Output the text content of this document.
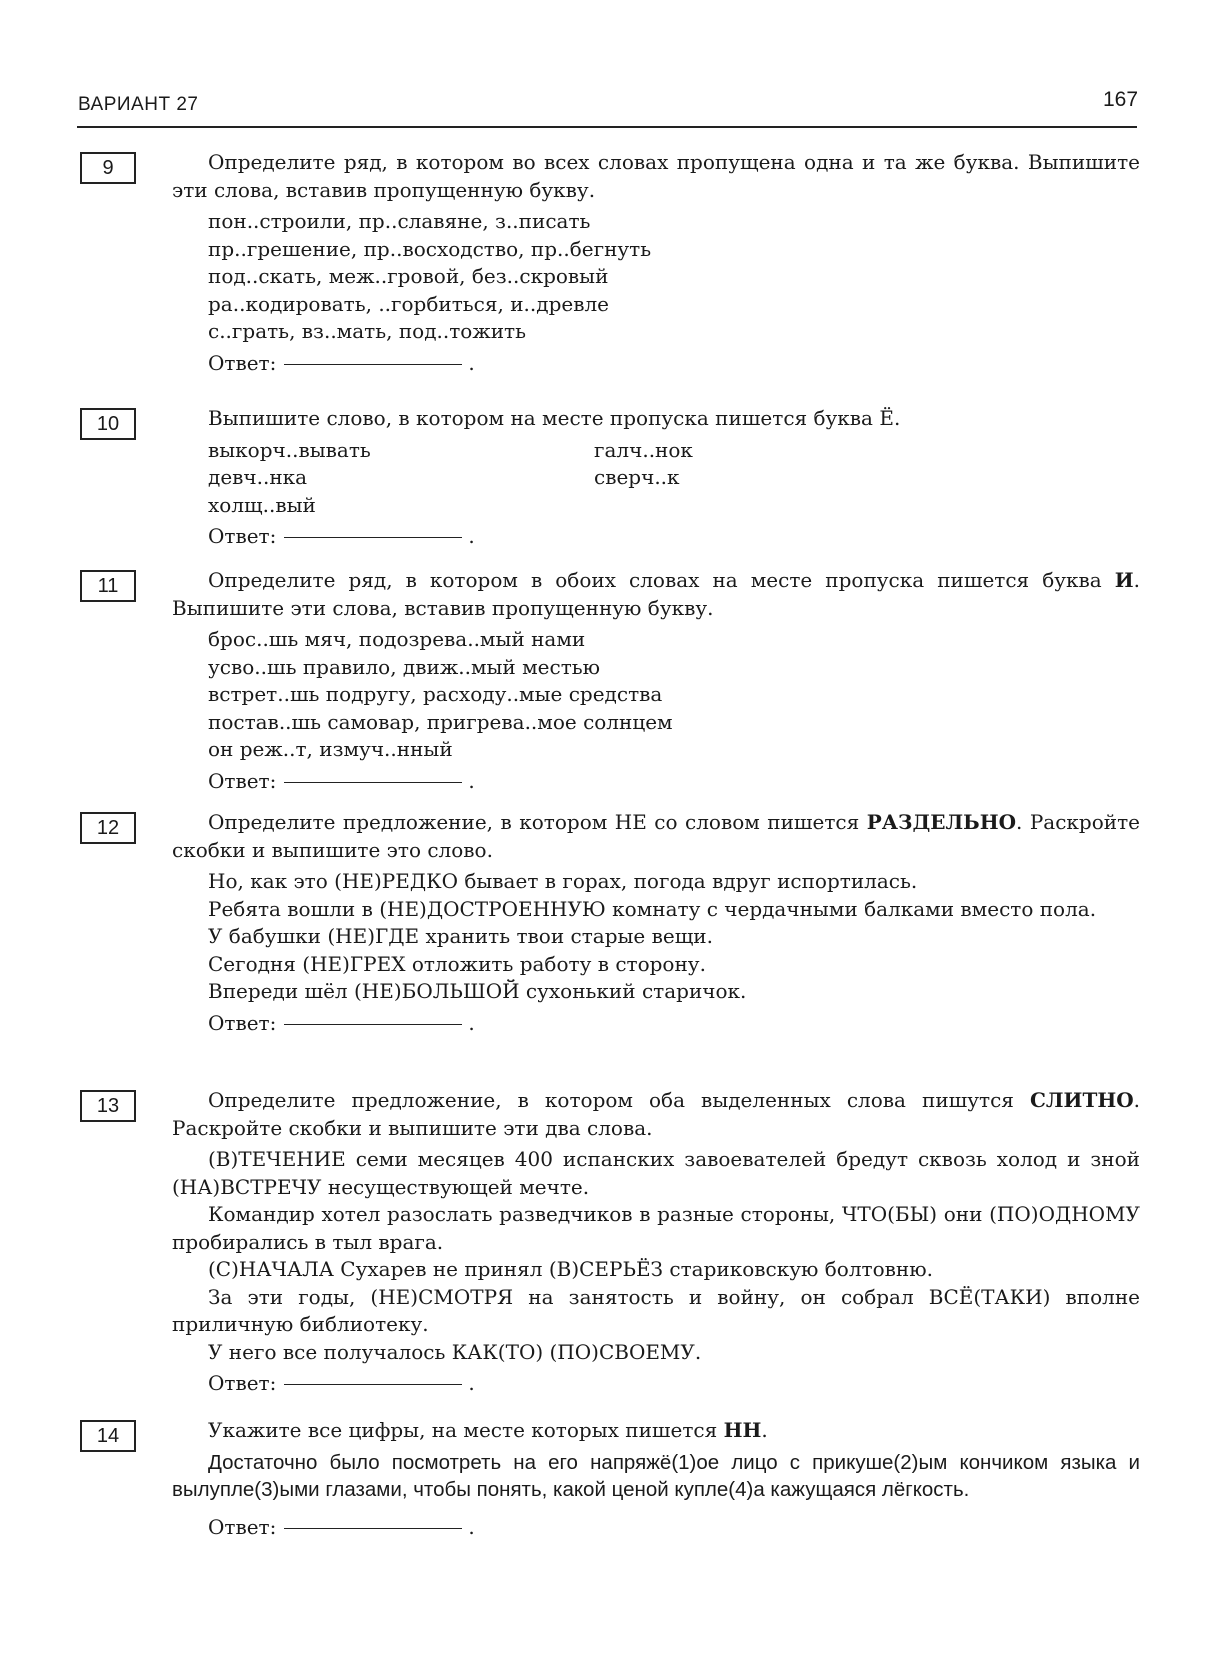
ВАРИАНТ 27	167
9	Определите ряд, в котором во всех словах пропущена одна и та же буква. Выпишите эти слова, вставив пропущенную букву.

пон..строили, пр..славяне, з..писать
пр..грешение, пр..восходство, пр..бегнуть
под..скать, меж..гровой, без..скровый
ра..кодировать, ..горбиться, и..древле
с..грать, вз..мать, под..тожить
Ответ:	.
10	Выпишите слово, в котором на месте пропуска пишется буква Ё.

выкорч..вывать	галч..нок
девч..нка	сверч..к
холщ..вый
Ответ:	.
11	Определите ряд, в котором в обоих словах на месте пропуска пишется буква И. Выпишите эти слова, вставив пропущенную букву.

брос..шь мяч, подозрева..мый нами
усво..шь правило, движ..мый местью
встрет..шь подругу, расходу..мые средства
постав..шь самовар, пригрева..мое солнцем
он реж..т, измуч..нный
Ответ:	.
12	Определите предложение, в котором НЕ со словом пишется РАЗДЕЛЬНО. Раскройте скобки и выпишите это слово.

Но, как это (НЕ)РЕДКО бывает в горах, погода вдруг испортилась.

Ребята вошли в (НЕ)ДОСТРОЕННУЮ комнату с чердачными балками вместо пола.

У бабушки (НЕ)ГДЕ хранить твои старые вещи.

Сегодня (НЕ)ГРЕХ отложить работу в сторону.

Впереди шёл (НЕ)БОЛЬШОЙ сухонький старичок.

Ответ:	.
13	Определите предложение, в котором оба выделенных слова пишутся СЛИТНО. Раскройте скобки и выпишите эти два слова.

(В)ТЕЧЕНИЕ семи месяцев 400 испанских завоевателей бредут сквозь холод и зной (НА)ВСТРЕЧУ несуществующей мечте.

Командир хотел разослать разведчиков в разные стороны, ЧТО(БЫ) они (ПО)ОДНОМУ пробирались в тыл врага.

(С)НАЧАЛА Сухарев не принял (В)СЕРЬЁЗ стариковскую болтовню.

За эти годы, (НЕ)СМОТРЯ на занятость и войну, он собрал ВСЁ(ТАКИ) вполне приличную библиотеку.

У него все получалось КАК(ТО) (ПО)СВОЕМУ.

Ответ:	.
14	Укажите все цифры, на месте которых пишется НН.

Достаточно было посмотреть на его напряжё(1)ое лицо с прикуше(2)ым кончиком языка и вылупле(3)ыми глазами, чтобы понять, какой ценой купле(4)а кажущаяся лёгкость.

Ответ:	.
